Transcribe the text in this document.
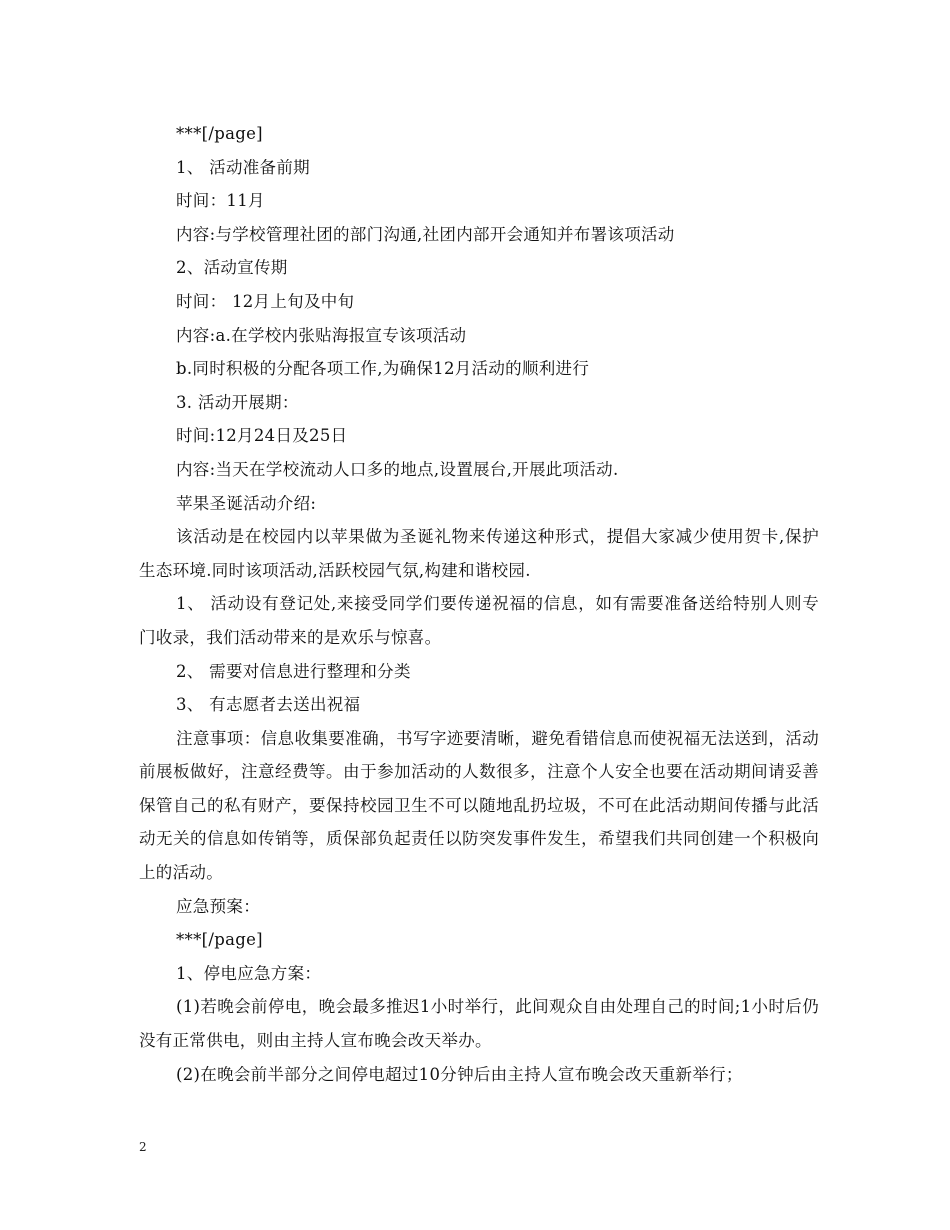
***[/page]
1、 活动准备前期
时间：11月
内容:与学校管理社团的部门沟通,社团内部开会通知并布署该项活动
2、活动宣传期
时间： 12月上旬及中旬
内容:a.在学校内张贴海报宣专该项活动
b.同时积极的分配各项工作,为确保12月活动的顺利进行
3. 活动开展期：
时间:12月24日及25日
内容:当天在学校流动人口多的地点,设置展台,开展此项活动.
苹果圣诞活动介绍:
该活动是在校园内以苹果做为圣诞礼物来传递这种形式，提倡大家减少使用贺卡,保护生态环境.同时该项活动,活跃校园气氛,构建和谐校园.
1、 活动设有登记处,来接受同学们要传递祝福的信息，如有需要准备送给特别人则专门收录，我们活动带来的是欢乐与惊喜。
2、 需要对信息进行整理和分类
3、 有志愿者去送出祝福
注意事项：信息收集要准确，书写字迹要清晰，避免看错信息而使祝福无法送到，活动前展板做好，注意经费等。由于参加活动的人数很多，注意个人安全也要在活动期间请妥善保管自己的私有财产，要保持校园卫生不可以随地乱扔垃圾，不可在此活动期间传播与此活动无关的信息如传销等，质保部负起责任以防突发事件发生，希望我们共同创建一个积极向上的活动。
应急预案：
***[/page]
1、停电应急方案：
(1)若晚会前停电，晚会最多推迟1小时举行，此间观众自由处理自己的时间;1小时后仍没有正常供电，则由主持人宣布晚会改天举办。
(2)在晚会前半部分之间停电超过10分钟后由主持人宣布晚会改天重新举行；
2
